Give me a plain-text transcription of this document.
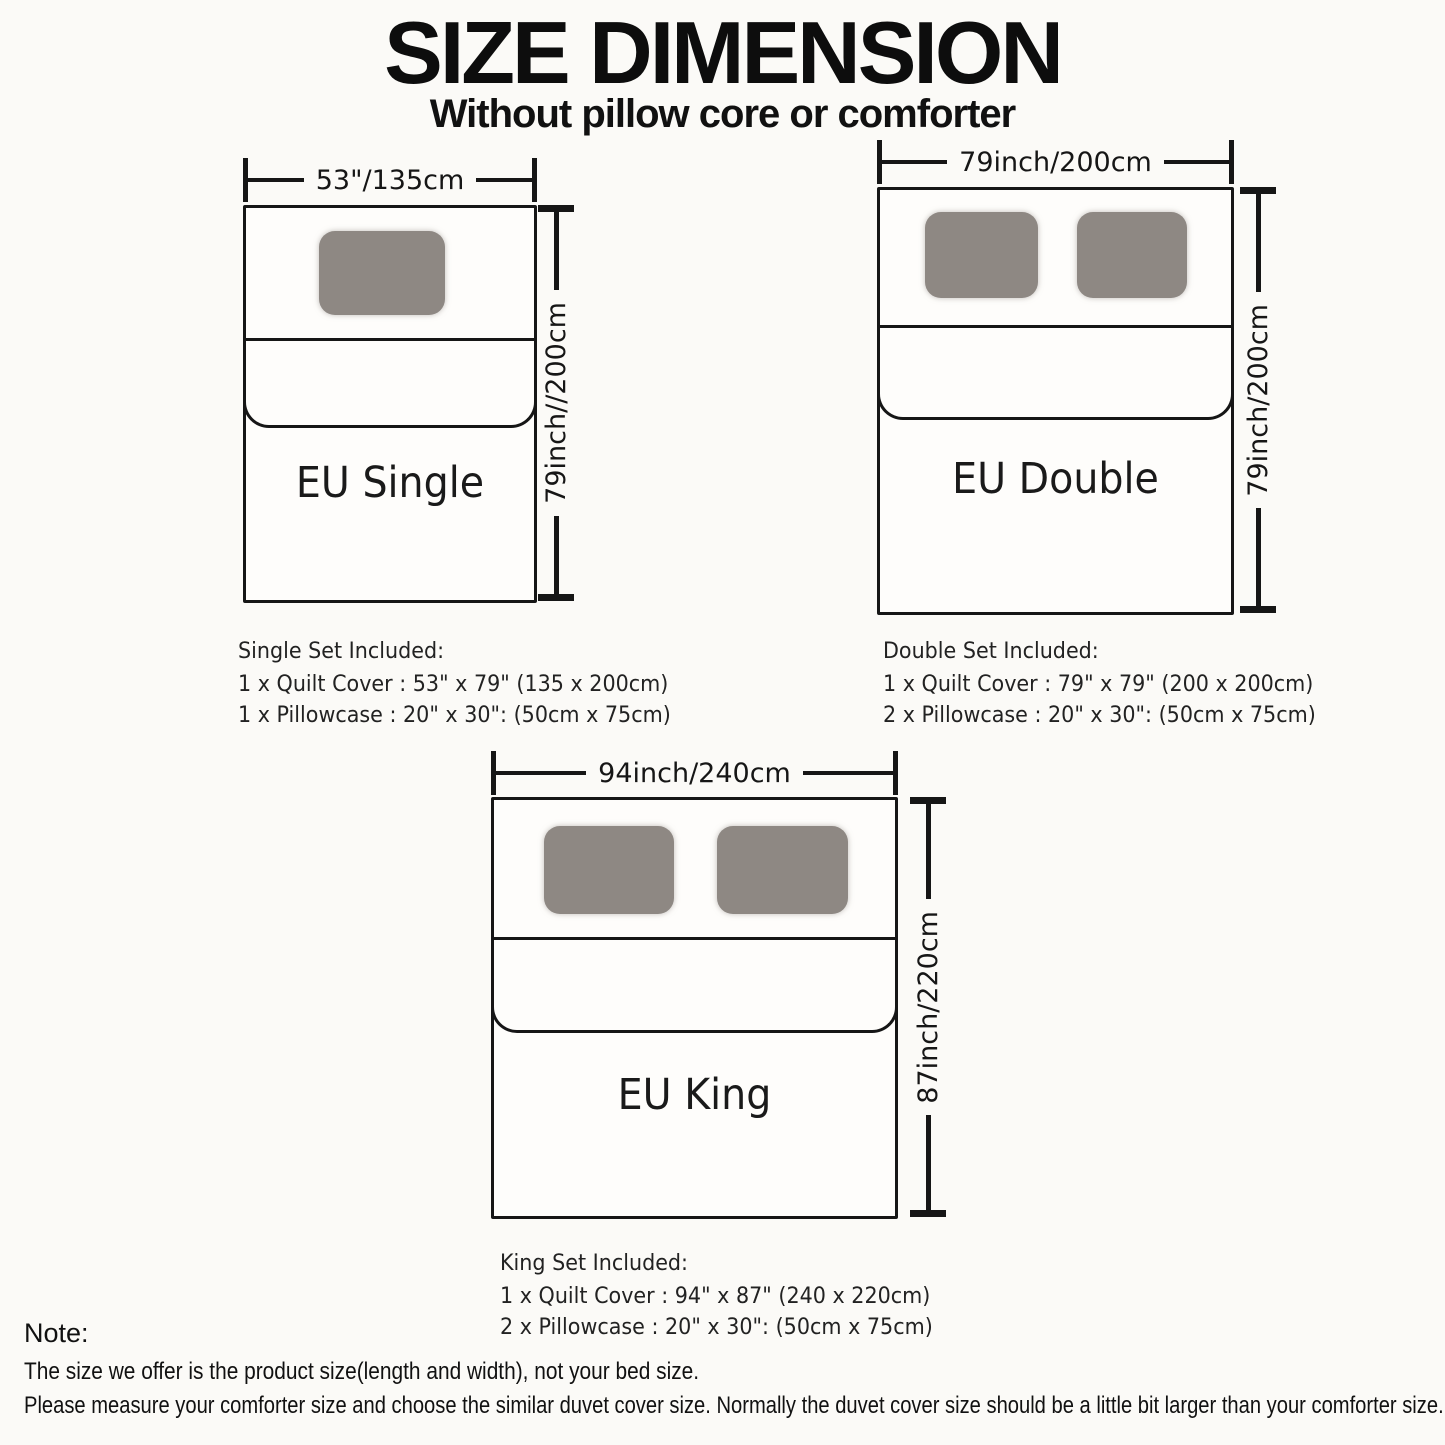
SIZE DIMENSION
Without pillow core or comforter
53"/135cm
EU Single	79inch//200cm
Single Set Included:
1 x Quilt Cover : 53" x 79" (135 x 200cm)
1 x Pillowcase : 20" x 30": (50cm x 75cm)
79inch/200cm
EU Double	79inch/200cm
Double Set Included:
1 x Quilt Cover : 79" x 79" (200 x 200cm)
2 x Pillowcase : 20" x 30": (50cm x 75cm)
94inch/240cm
EU King	87inch/220cm
King Set Included:
1 x Quilt Cover : 94" x 87" (240 x 220cm)
2 x Pillowcase : 20" x 30": (50cm x 75cm)
Note:
The size we offer is the product size(length and width), not your bed size.
Please measure your comforter size and choose the similar duvet cover size. Normally the duvet cover size should be a little bit larger than your comforter size.
